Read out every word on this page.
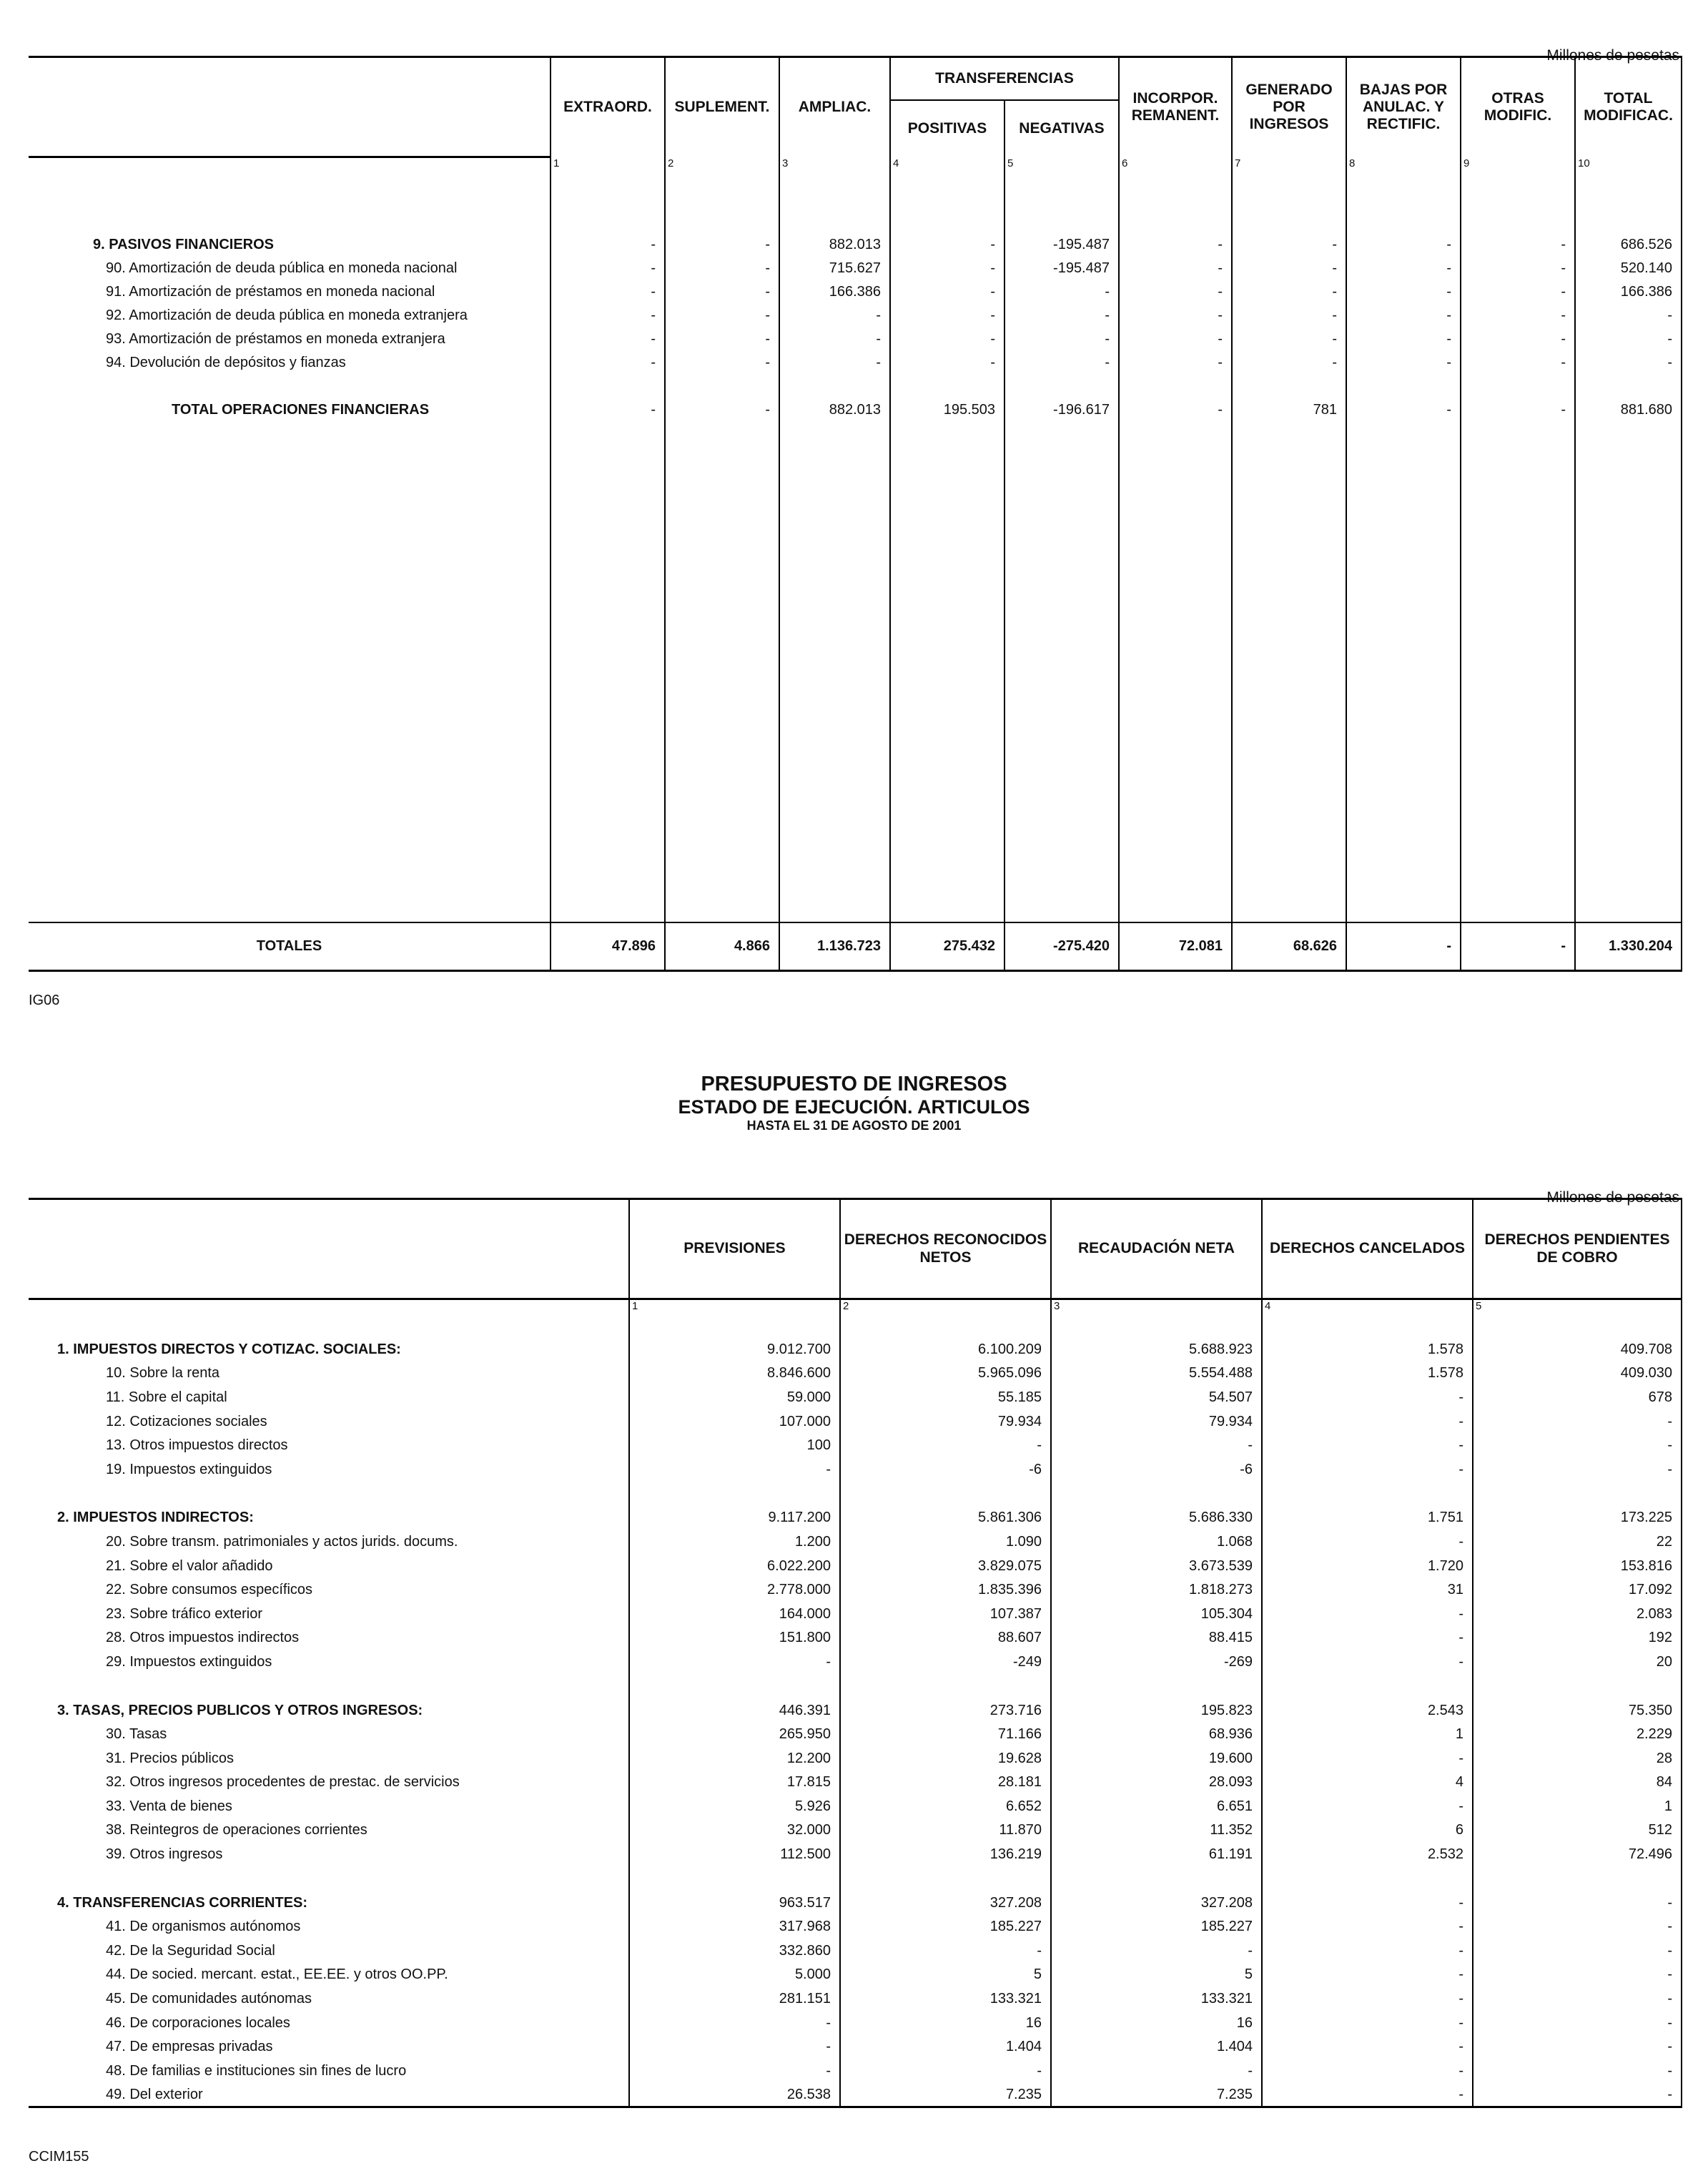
Millones de pesetas
	EXTRAORD.	SUPLEMENT.	AMPLIAC.	TRANSFERENCIAS		INCORPOR. REMANENT.	GENERADO POR INGRESOS	BAJAS POR ANULAC. Y RECTIFIC.	OTRAS MODIFIC.	TOTAL MODIFICAC.
				POSITIVAS	NEGATIVAS					
	1	2	3	4	5	6	7	8	9	10

9. PASIVOS FINANCIEROS	-	-	882.013	-	-195.487	-	-	-	-	686.526
90. Amortización de deuda pública en moneda nacional	-	-	715.627	-	-195.487	-	-	-	-	520.140
91. Amortización de préstamos en moneda nacional	-	-	166.386	-	-	-	-	-	-	166.386
92. Amortización de deuda pública en moneda extranjera	-	-	-	-	-	-	-	-	-	-
93. Amortización de préstamos en moneda extranjera	-	-	-	-	-	-	-	-	-	-
94. Devolución de depósitos y fianzas	-	-	-	-	-	-	-	-	-	-

TOTAL OPERACIONES FINANCIERAS	-	-	882.013	195.503	-196.617	-	781	-	-	881.680

TOTALES	47.896	4.866	1.136.723	275.432	-275.420	72.081	68.626	-	-	1.330.204
IG06
PRESUPUESTO DE INGRESOS
ESTADO DE EJECUCIÓN. ARTICULOS
HASTA EL 31 DE AGOSTO DE 2001
Millones de pesetas
	PREVISIONES	DERECHOS RECONOCIDOS NETOS	RECAUDACIÓN NETA	DERECHOS CANCELADOS	DERECHOS PENDIENTES DE COBRO
	1	2	3	4	5

1. IMPUESTOS DIRECTOS Y COTIZAC. SOCIALES:	9.012.700	6.100.209	5.688.923	1.578	409.708
10. Sobre la renta	8.846.600	5.965.096	5.554.488	1.578	409.030
11. Sobre el capital	59.000	55.185	54.507	-	678
12. Cotizaciones sociales	107.000	79.934	79.934	-	-
13. Otros impuestos directos	100	-	-	-	-
19. Impuestos extinguidos	-	-6	-6	-	-

2. IMPUESTOS INDIRECTOS:	9.117.200	5.861.306	5.686.330	1.751	173.225
20. Sobre transm. patrimoniales y actos jurids. docums.	1.200	1.090	1.068	-	22
21. Sobre el valor añadido	6.022.200	3.829.075	3.673.539	1.720	153.816
22. Sobre consumos específicos	2.778.000	1.835.396	1.818.273	31	17.092
23. Sobre tráfico exterior	164.000	107.387	105.304	-	2.083
28. Otros impuestos indirectos	151.800	88.607	88.415	-	192
29. Impuestos extinguidos	-	-249	-269	-	20

3. TASAS, PRECIOS PUBLICOS Y OTROS INGRESOS:	446.391	273.716	195.823	2.543	75.350
30. Tasas	265.950	71.166	68.936	1	2.229
31. Precios públicos	12.200	19.628	19.600	-	28
32. Otros ingresos procedentes de prestac. de servicios	17.815	28.181	28.093	4	84
33. Venta de bienes	5.926	6.652	6.651	-	1
38. Reintegros de operaciones corrientes	32.000	11.870	11.352	6	512
39. Otros ingresos	112.500	136.219	61.191	2.532	72.496

4. TRANSFERENCIAS CORRIENTES:	963.517	327.208	327.208	-	-
41. De organismos autónomos	317.968	185.227	185.227	-	-
42. De la Seguridad Social	332.860	-	-	-	-
44. De socied. mercant. estat., EE.EE. y otros OO.PP.	5.000	5	5	-	-
45. De comunidades autónomas	281.151	133.321	133.321	-	-
46. De corporaciones locales	-	16	16	-	-
47. De empresas privadas	-	1.404	1.404	-	-
48. De familias e instituciones sin fines de lucro	-	-	-	-	-
49. Del exterior	26.538	7.235	7.235	-	-
CCIM155
